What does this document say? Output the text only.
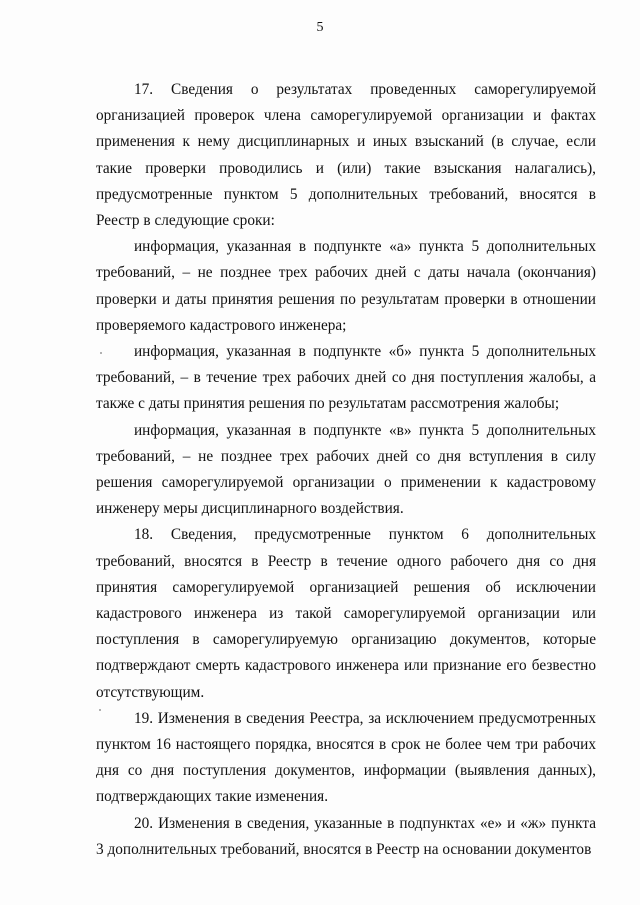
5

17. Сведения о результатах проведенных саморегулируемой организацией проверок члена саморегулируемой организации и фактах применения к нему дисциплинарных и иных взысканий (в случае, если такие проверки проводились и (или) такие взыскания налагались), предусмотренные пунктом 5 дополнительных требований, вносятся в Реестр в следующие сроки:

информация, указанная в подпункте «а» пункта 5 дополнительных требований, – не позднее трех рабочих дней с даты начала (окончания) проверки и даты принятия решения по результатам проверки в отношении проверяемого кадастрового инженера;

информация, указанная в подпункте «б» пункта 5 дополнительных требований, – в течение трех рабочих дней со дня поступления жалобы, а также с даты принятия решения по результатам рассмотрения жалобы;

информация, указанная в подпункте «в» пункта 5 дополнительных требований, – не позднее трех рабочих дней со дня вступления в силу решения саморегулируемой организации о применении к кадастровому инженеру меры дисциплинарного воздействия.

18. Сведения, предусмотренные пунктом 6 дополнительных требований, вносятся в Реестр в течение одного рабочего дня со дня принятия саморегулируемой организацией решения об исключении кадастрового инженера из такой саморегулируемой организации или поступления в саморегулируемую организацию документов, которые подтверждают смерть кадастрового инженера или признание его безвестно отсутствующим.

19. Изменения в сведения Реестра, за исключением предусмотренных пунктом 16 настоящего порядка, вносятся в срок не более чем три рабочих дня со дня поступления документов, информации (выявления данных), подтверждающих такие изменения.

20. Изменения в сведения, указанные в подпунктах «е» и «ж» пункта 3 дополнительных требований, вносятся в Реестр на основании документов
